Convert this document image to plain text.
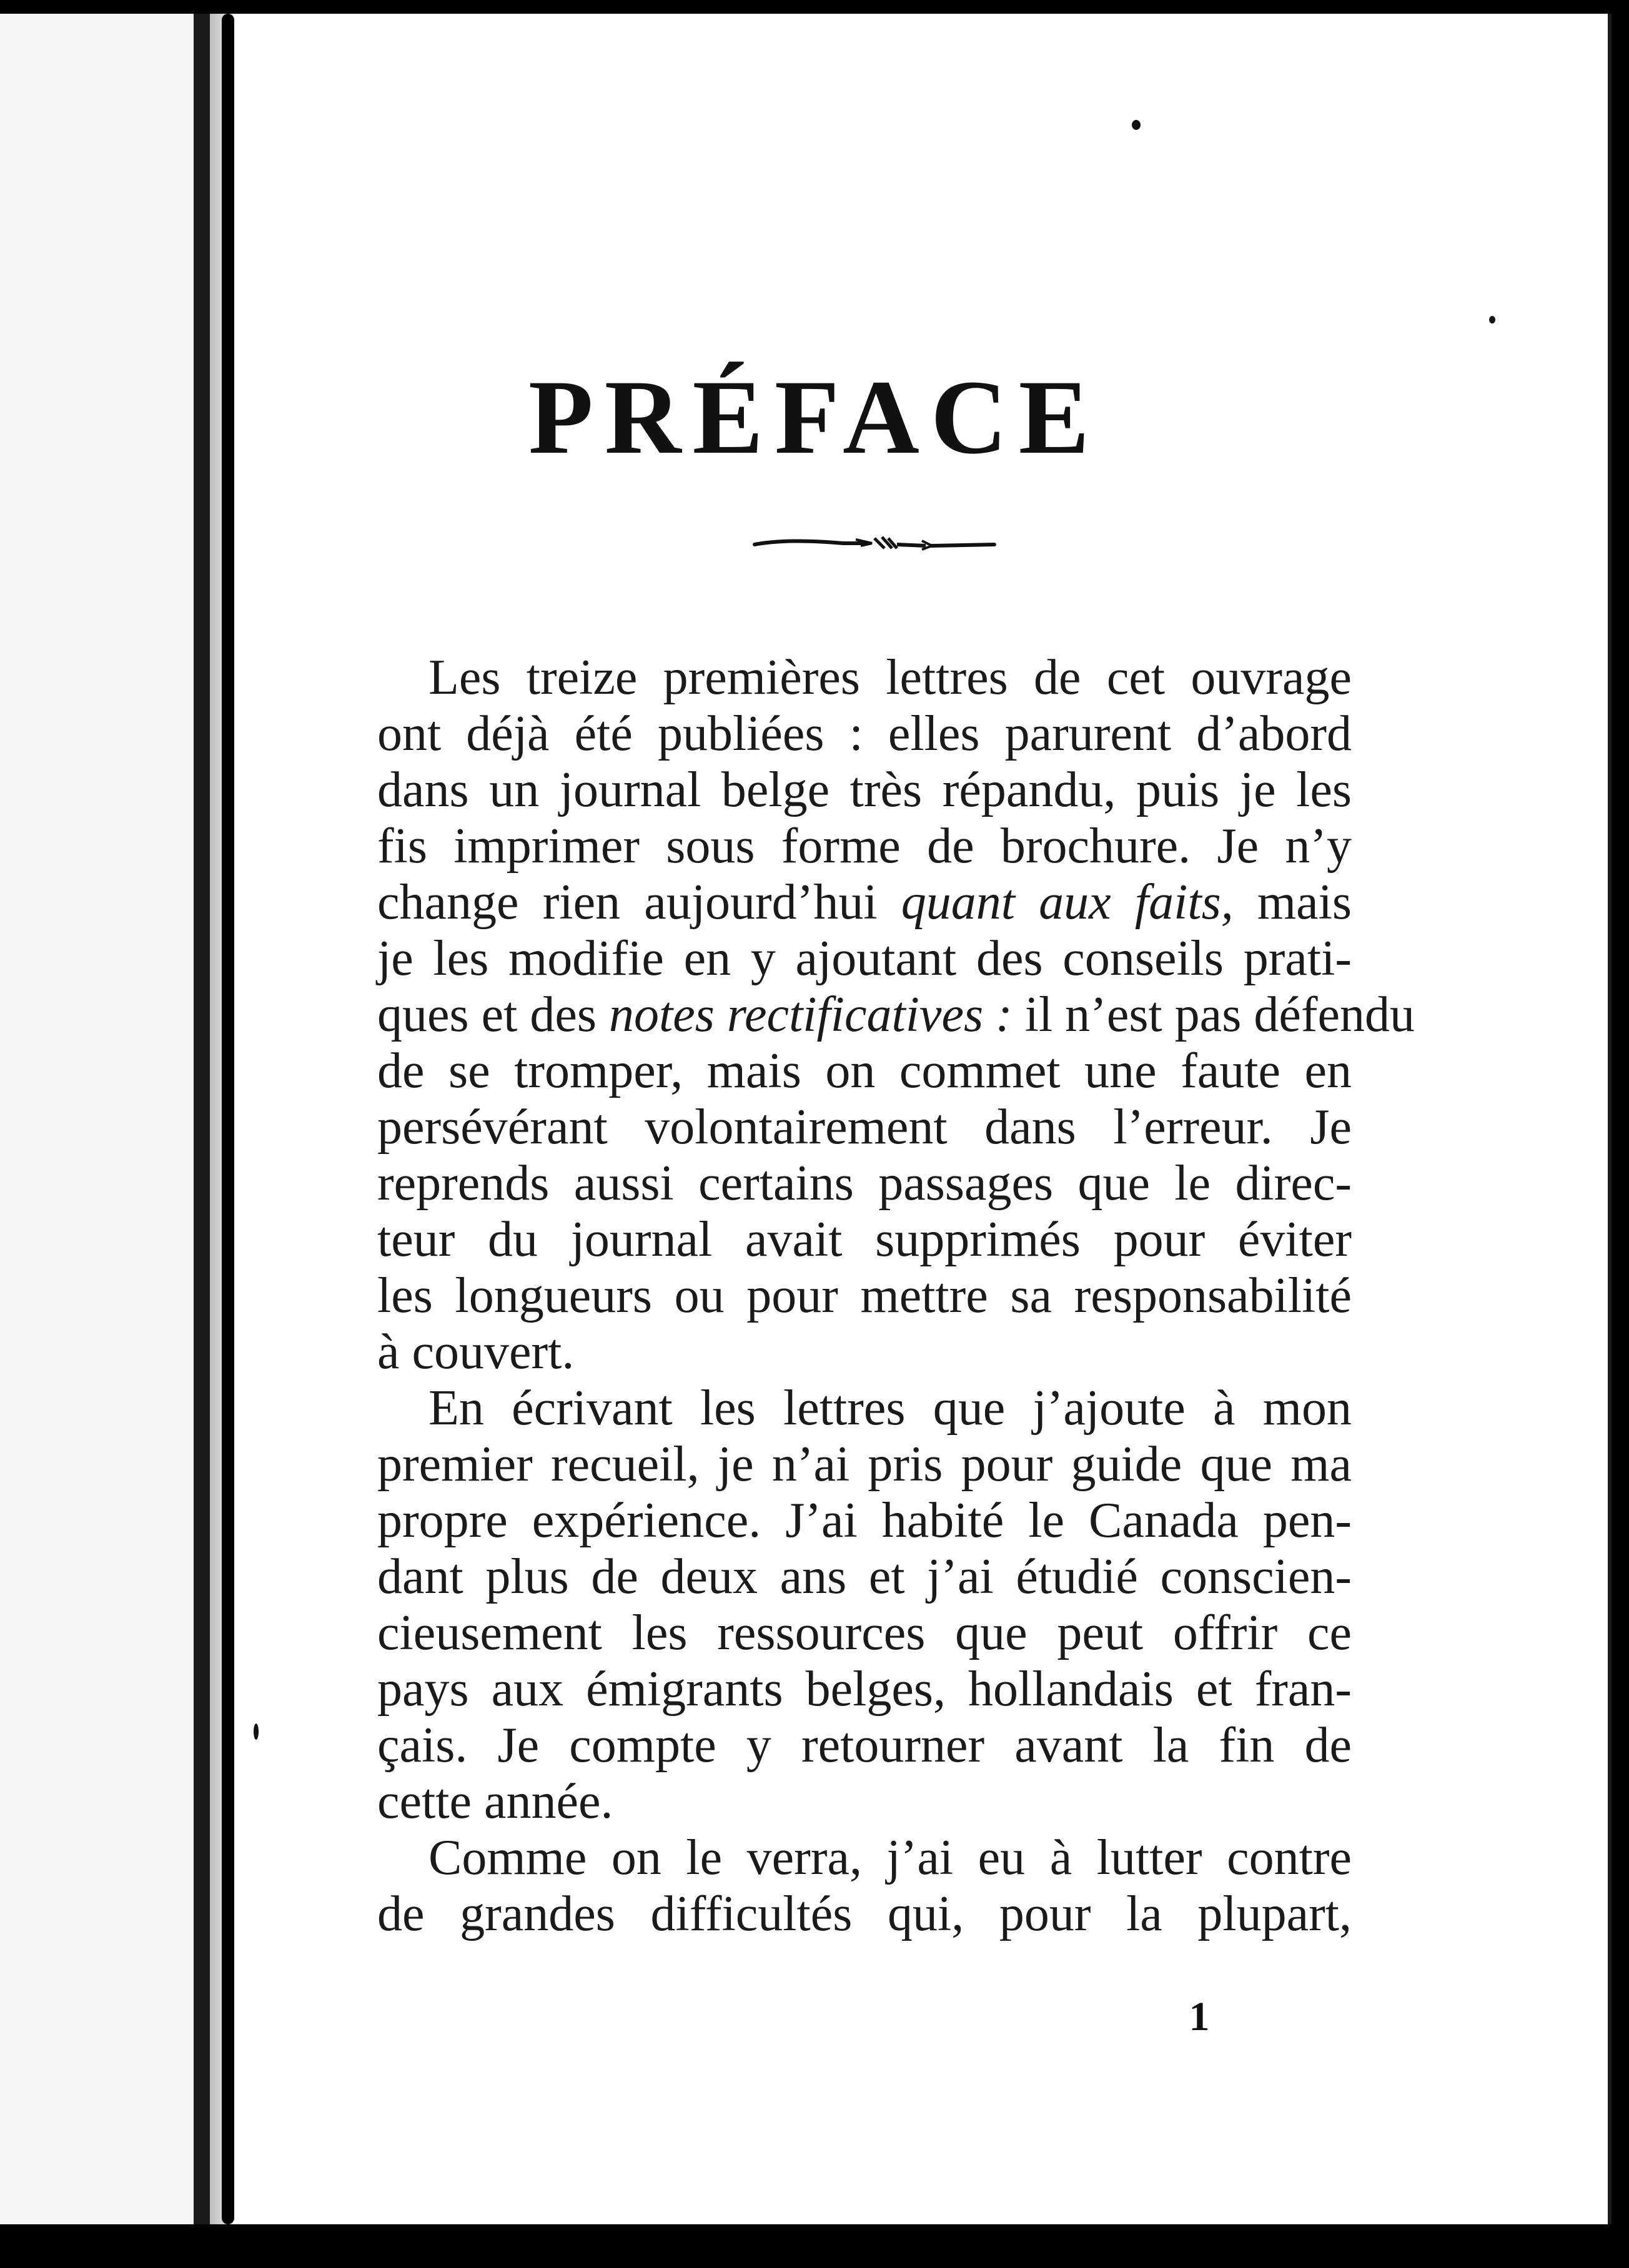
PRÉFACE
Les treize premières lettres de cet ouvrage
ont déjà été publiées : elles parurent d’abord
dans un journal belge très répandu, puis je les
fis imprimer sous forme de brochure. Je n’y
change rien aujourd’hui quant aux faits, mais
je les modifie en y ajoutant des conseils prati-
ques et des notes rectificatives : il n’est pas défendu
de se tromper, mais on commet une faute en
persévérant volontairement dans l’erreur. Je
reprends aussi certains passages que le direc-
teur du journal avait supprimés pour éviter
les longueurs ou pour mettre sa responsabilité
à couvert.
En écrivant les lettres que j’ajoute à mon
premier recueil, je n’ai pris pour guide que ma
propre expérience. J’ai habité le Canada pen-
dant plus de deux ans et j’ai étudié conscien-
cieusement les ressources que peut offrir ce
pays aux émigrants belges, hollandais et fran-
çais. Je compte y retourner avant la fin de
cette année.
Comme on le verra, j’ai eu à lutter contre
de grandes difficultés qui, pour la plupart,
1
